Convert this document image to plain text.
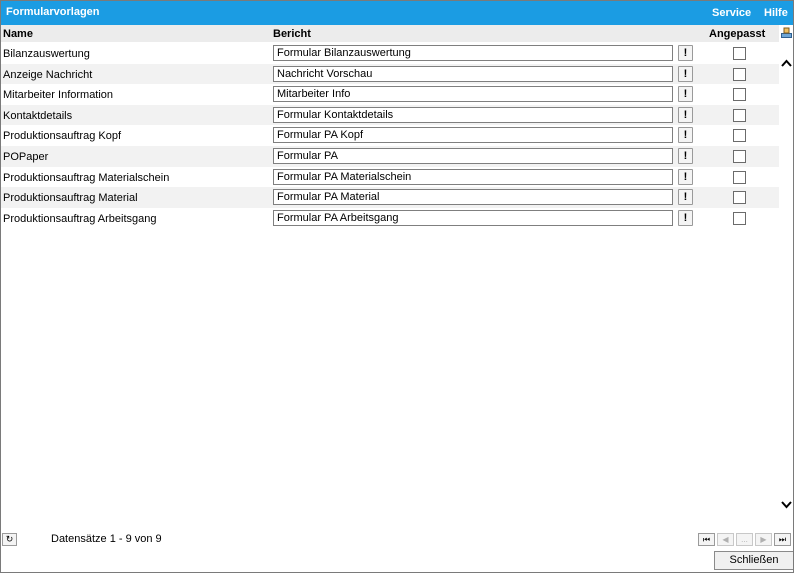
Formularvorlagen	Service Hilfe
Name	Bericht	Angepasst
Bilanzauswertung	Formular Bilanzauswertung	!
Anzeige Nachricht	Nachricht Vorschau	!
Mitarbeiter Information	Mitarbeiter Info	!
Kontaktdetails	Formular Kontaktdetails	!
Produktionsauftrag Kopf	Formular PA Kopf	!
POPaper	Formular PA	!
Produktionsauftrag Materialschein	Formular PA Materialschein	!
Produktionsauftrag Material	Formular PA Material	!
Produktionsauftrag Arbeitsgang	Formular PA Arbeitsgang	!
↻	Datensätze 1 - 9 von 9	⏮	◀	...	▶	⏭
Schließen
